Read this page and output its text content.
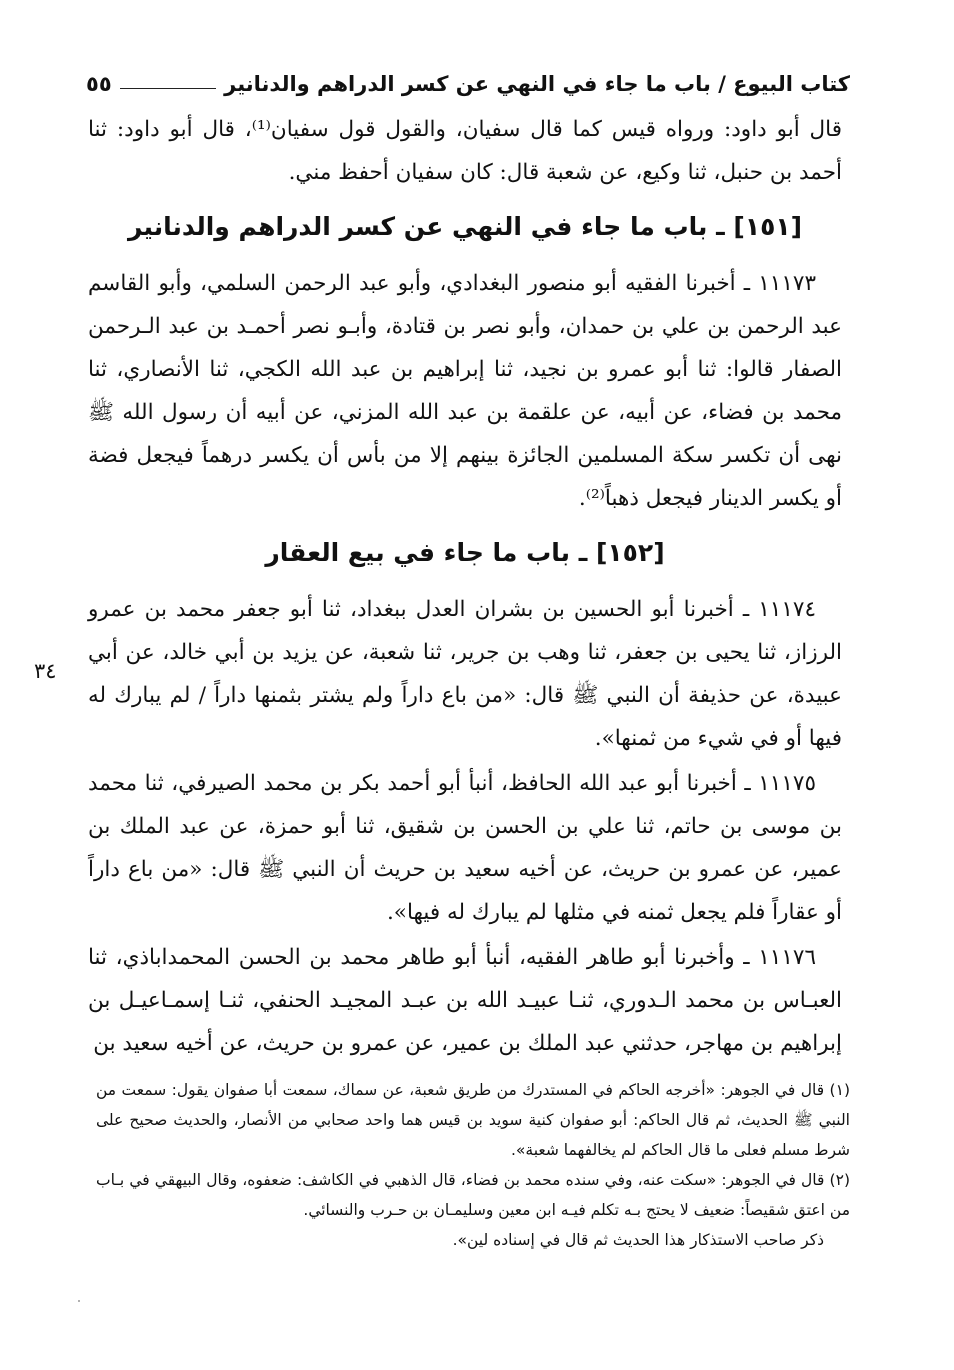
كتاب البيوع / باب ما جاء في النهي عن كسر الدراهم والدنانير
٥٥

قال أبو داود: ورواه قيس كما قال سفيان، والقول قول سفيان⁽¹⁾، قال أبو داود: ثنا أحمد بن حنبل، ثنا وكيع، عن شعبة قال: كان سفيان أحفظ مني.

[١٥١] ـ باب ما جاء في النهي عن كسر الدراهم والدنانير

١١١٧٣ ـ أخبرنا الفقيه أبو منصور البغدادي، وأبو عبد الرحمن السلمي، وأبو القاسم عبد الرحمن بن علي بن حمدان، وأبو نصر بن قتادة، وأبـو نصر أحمـد بن عبد الـرحمن الصفار قالوا: ثنا أبو عمرو بن نجيد، ثنا إبراهيم بن عبد الله الكجي، ثنا الأنصاري، ثنا محمد بن فضاء، عن أبيه، عن علقمة بن عبد الله المزني، عن أبيه أن رسول الله ﷺ نهى أن تكسر سكة المسلمين الجائزة بينهم إلا من بأس أن يكسر درهماً فيجعل فضة أو يكسر الدينار فيجعل ذهباً⁽²⁾.

[١٥٢] ـ باب ما جاء في بيع العقار

١١١٧٤ ـ أخبرنا أبو الحسين بن بشران العدل ببغداد، ثنا أبو جعفر محمد بن عمرو الرزاز، ثنا يحيى بن جعفر، ثنا وهب بن جرير، ثنا شعبة، عن يزيد بن أبي خالد، عن أبي عبيدة، عن حذيفة أن النبي ﷺ قال: «من باع داراً ولم يشتر بثمنها داراً / لم يبارك له فيها أو في شيء من ثمنها».

١١١٧٥ ـ أخبرنا أبو عبد الله الحافظ، أنبأ أبو أحمد بكر بن محمد الصيرفي، ثنا محمد بن موسى بن حاتم، ثنا علي بن الحسن بن شقيق، ثنا أبو حمزة، عن عبد الملك بن عمير، عن عمرو بن حريث، عن أخيه سعيد بن حريث أن النبي ﷺ قال: «من باع داراً أو عقاراً فلم يجعل ثمنه في مثلها لم يبارك له فيها».

١١١٧٦ ـ وأخبرنا أبو طاهر الفقيه، أنبأ أبو طاهر محمد بن الحسن المحمداباذي، ثنا العبـاس بن محمد الـدوري، ثنـا عبيـد الله بن عبـد المجيـد الحنفي، ثنـا إسمـاعيـل بن إبراهيم بن مهاجر، حدثني عبد الملك بن عمير، عن عمرو بن حريث، عن أخيه سعيد بن

٣٤

(١) قال في الجوهر: «أخرجه الحاكم في المستدرك من طريق شعبة، عن سماك، سمعت أبا صفوان يقول: سمعت من النبي ﷺ الحديث، ثم قال الحاكم: أبو صفوان كنية سويد بن قيس هما واحد صحابي من الأنصار، والحديث صحيح على شرط مسلم فعلى ما قال الحاكم لم يخالفهما شعبة».

(٢) قال في الجوهر: «سكت عنه، وفي سنده محمد بن فضاء، قال الذهبي في الكاشف: ضعفوه، وقال البيهقي في بـاب من اعتق شقيصاً: ضعيف لا يحتج بـه تكلم فيـه ابن معين وسليمـان بن حـرب والنسائي.

ذكر صاحب الاستذكار هذا الحديث ثم قال في إسناده لين».
